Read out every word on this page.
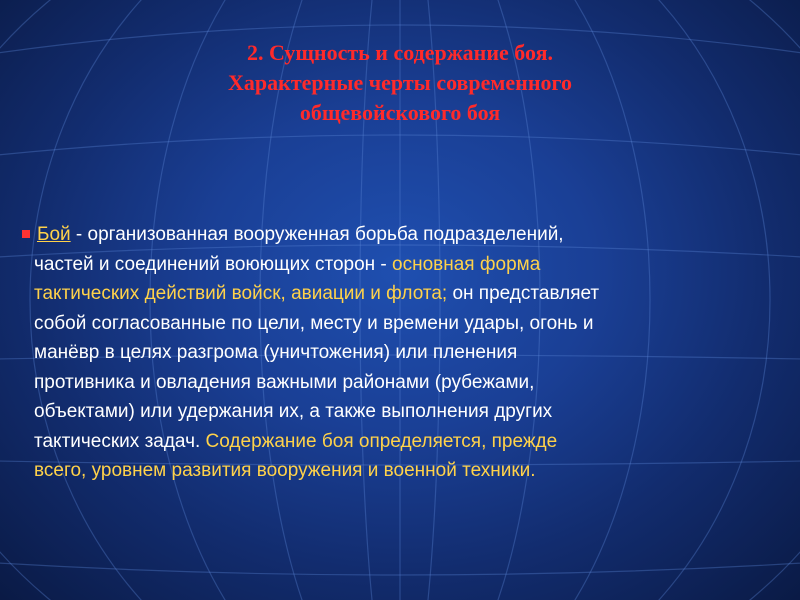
2. Сущность и содержание боя.
Характерные черты современного
общевойскового боя
Бой - организованная вооруженная борьба подразделений,
частей и соединений воюющих сторон - основная форма
тактических действий войск, авиации и флота; он представляет
собой согласованные по цели, месту и времени удары, огонь и
манёвр в целях разгрома (уничтожения) или пленения
противника и овладения важными районами (рубежами,
объектами) или удержания их, а также выполнения других
тактических задач. Содержание боя определяется, прежде
всего, уровнем развития вооружения и военной техники.
